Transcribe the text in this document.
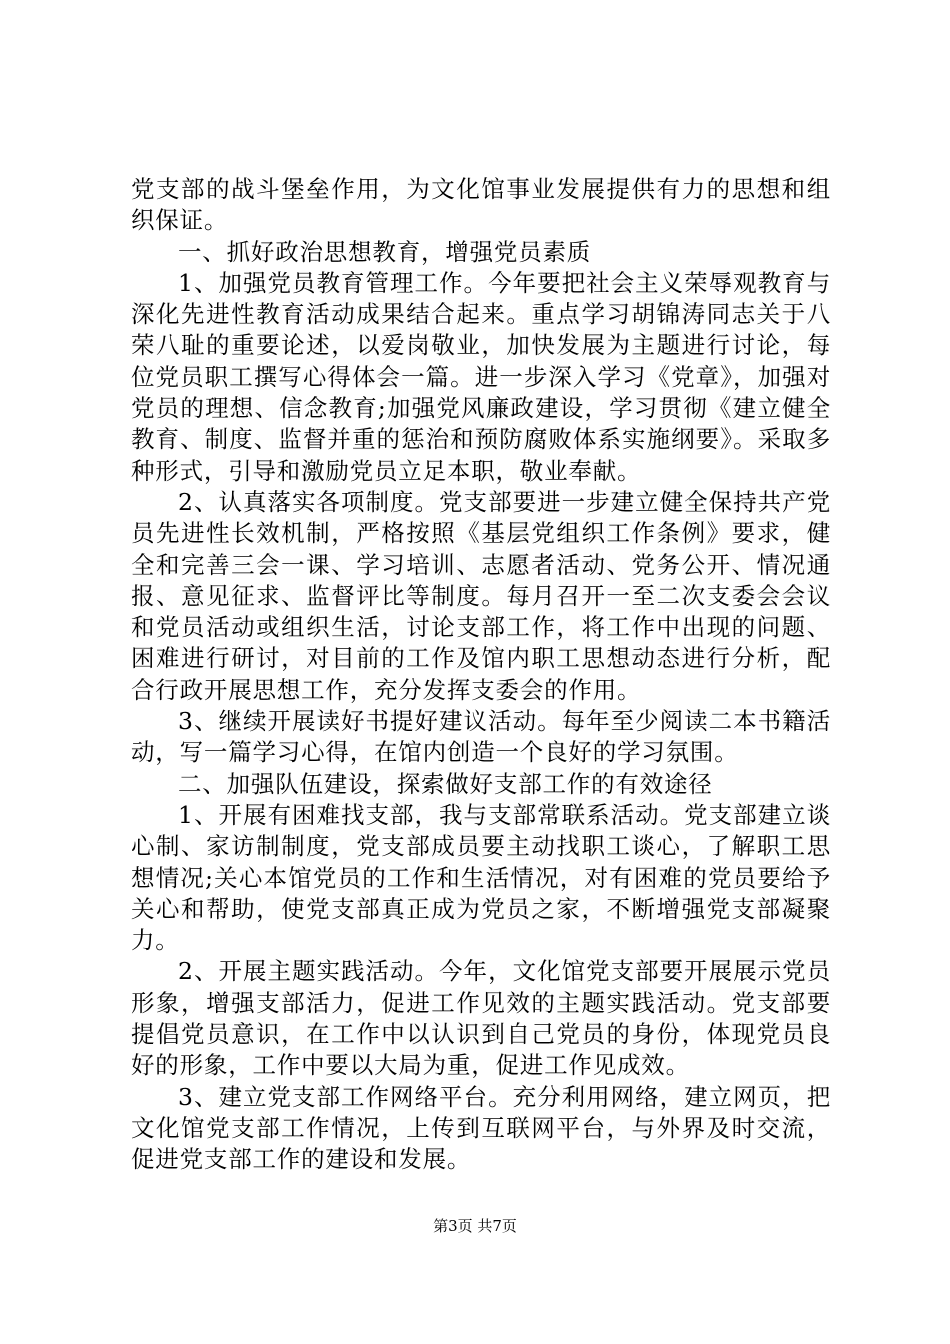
党支部的战斗堡垒作用，为文化馆事业发展提供有力的思想和组织保证。

一、抓好政治思想教育，增强党员素质

1、加强党员教育管理工作。今年要把社会主义荣辱观教育与深化先进性教育活动成果结合起来。重点学习胡锦涛同志关于八荣八耻的重要论述，以爱岗敬业，加快发展为主题进行讨论，每位党员职工撰写心得体会一篇。进一步深入学习《党章》，加强对党员的理想、信念教育;加强党风廉政建设，学习贯彻《建立健全教育、制度、监督并重的惩治和预防腐败体系实施纲要》。采取多种形式，引导和激励党员立足本职，敬业奉献。

2、认真落实各项制度。党支部要进一步建立健全保持共产党员先进性长效机制，严格按照《基层党组织工作条例》要求，健全和完善三会一课、学习培训、志愿者活动、党务公开、情况通报、意见征求、监督评比等制度。每月召开一至二次支委会会议和党员活动或组织生活，讨论支部工作，将工作中出现的问题、困难进行研讨，对目前的工作及馆内职工思想动态进行分析，配合行政开展思想工作，充分发挥支委会的作用。

3、继续开展读好书提好建议活动。每年至少阅读二本书籍活动，写一篇学习心得，在馆内创造一个良好的学习氛围。

二、加强队伍建设，探索做好支部工作的有效途径

1、开展有困难找支部，我与支部常联系活动。党支部建立谈心制、家访制制度，党支部成员要主动找职工谈心，了解职工思想情况;关心本馆党员的工作和生活情况，对有困难的党员要给予关心和帮助，使党支部真正成为党员之家，不断增强党支部凝聚力。

2、开展主题实践活动。今年，文化馆党支部要开展展示党员形象，增强支部活力，促进工作见效的主题实践活动。党支部要提倡党员意识，在工作中以认识到自己党员的身份，体现党员良好的形象，工作中要以大局为重，促进工作见成效。

3、建立党支部工作网络平台。充分利用网络，建立网页，把文化馆党支部工作情况，上传到互联网平台，与外界及时交流，促进党支部工作的建设和发展。

第3页 共7页
